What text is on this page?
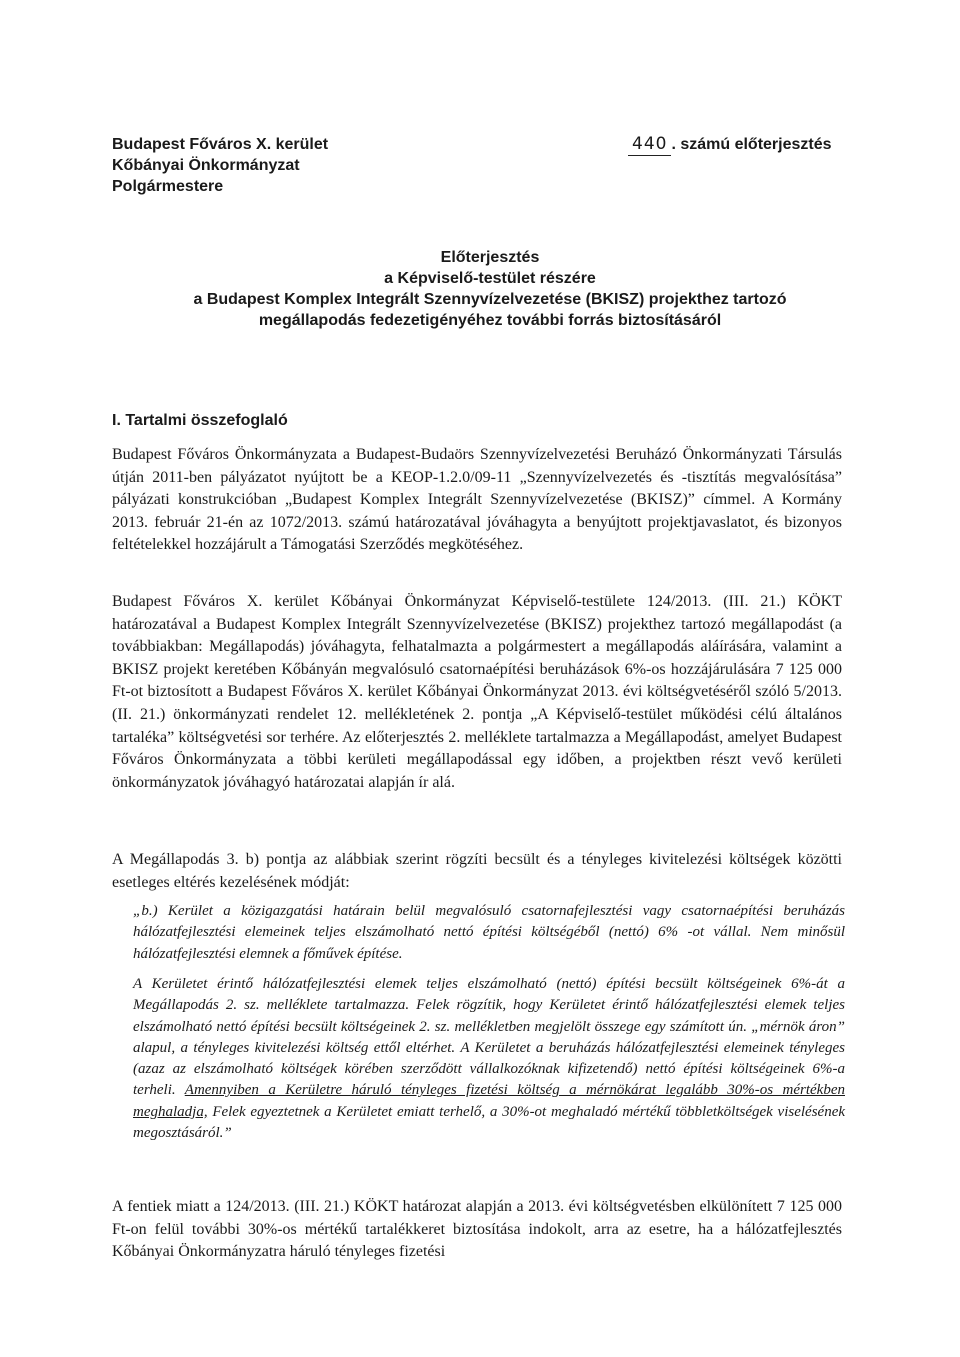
Budapest Főváros X. kerület
Kőbányai Önkormányzat
Polgármestere
440 . számú előterjesztés
Előterjesztés
a Képviselő-testület részére
a Budapest Komplex Integrált Szennyvízelvezetése (BKISZ) projekthez tartozó
megállapodás fedezetigényéhez további forrás biztosításáról
I. Tartalmi összefoglaló

Budapest Főváros Önkormányzata a Budapest-Budaörs Szennyvízelvezetési Beruházó Önkormányzati Társulás útján 2011-ben pályázatot nyújtott be a KEOP-1.2.0/09-11 „Szennyvízelvezetés és -tisztítás megvalósítása” pályázati konstrukcióban „Budapest Komplex Integrált Szennyvízelvezetése (BKISZ)” címmel. A Kormány 2013. február 21-én az 1072/2013. számú határozatával jóváhagyta a benyújtott projektjavaslatot, és bizonyos feltételekkel hozzájárult a Támogatási Szerződés megkötéséhez.

Budapest Főváros X. kerület Kőbányai Önkormányzat Képviselő-testülete 124/2013. (III. 21.) KÖKT határozatával a Budapest Komplex Integrált Szennyvízelvezetése (BKISZ) projekthez tartozó megállapodást (a továbbiakban: Megállapodás) jóváhagyta, felhatalmazta a polgármestert a megállapodás aláírására, valamint a BKISZ projekt keretében Kőbányán megvalósuló csatornaépítési beruházások 6%-os hozzájárulására 7 125 000 Ft-ot biztosított a Budapest Főváros X. kerület Kőbányai Önkormányzat 2013. évi költségvetéséről szóló 5/2013. (II. 21.) önkormányzati rendelet 12. mellékletének 2. pontja „A Képviselő-testület működési célú általános tartaléka” költségvetési sor terhére. Az előterjesztés 2. melléklete tartalmazza a Megállapodást, amelyet Budapest Főváros Önkormányzata a többi kerületi megállapodással egy időben, a projektben részt vevő kerületi önkormányzatok jóváhagyó határozatai alapján ír alá.

A Megállapodás 3. b) pontja az alábbiak szerint rögzíti becsült és a tényleges kivitelezési költségek közötti esetleges eltérés kezelésének módját:

„b.) Kerület a közigazgatási határain belül megvalósuló csatornafejlesztési vagy csatornaépítési beruházás hálózatfejlesztési elemeinek teljes elszámolható nettó építési költségéből (nettó) 6% -ot vállal. Nem minősül hálózatfejlesztési elemnek a főművek építése.

A Kerületet érintő hálózatfejlesztési elemek teljes elszámolható (nettó) építési becsült költségeinek 6%-át a Megállapodás 2. sz. melléklete tartalmazza. Felek rögzítik, hogy Kerületet érintő hálózatfejlesztési elemek teljes elszámolható nettó építési becsült költségeinek 2. sz. mellékletben megjelölt összege egy számított ún. „mérnök áron” alapul, a tényleges kivitelezési költség ettől eltérhet. A Kerületet a beruházás hálózatfejlesztési elemeinek tényleges (azaz az elszámolható költségek körében szerződött vállalkozóknak kifizetendő) nettó építési költségeinek 6%-a terheli. Amennyiben a Kerületre háruló tényleges fizetési költség a mérnökárat legalább 30%-os mértékben meghaladja, Felek egyeztetnek a Kerületet emiatt terhelő, a 30%-ot meghaladó mértékű többletköltségek viselésének megosztásáról.”

A fentiek miatt a 124/2013. (III. 21.) KÖKT határozat alapján a 2013. évi költségvetésben elkülönített 7 125 000 Ft-on felül további 30%-os mértékű tartalékkeret biztosítása indokolt, arra az esetre, ha a hálózatfejlesztés Kőbányai Önkormányzatra háruló tényleges fizetési
